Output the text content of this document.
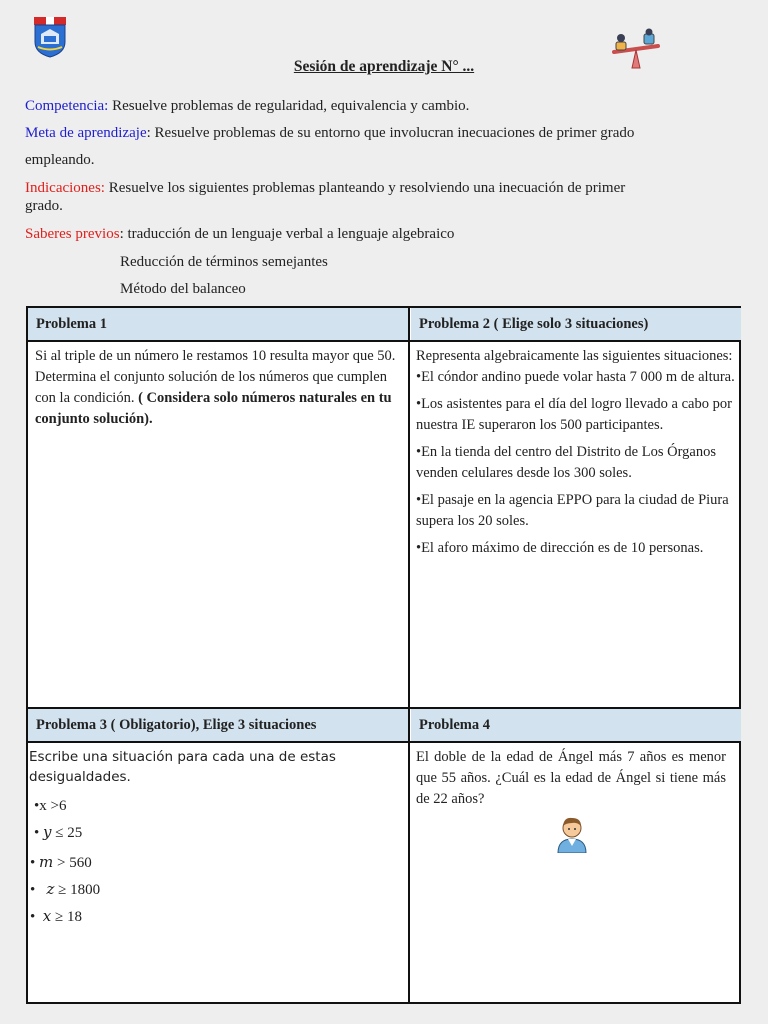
Sesión de aprendizaje N° ...
Competencia: Resuelve problemas de regularidad, equivalencia y cambio.
Meta de aprendizaje: Resuelve problemas de su entorno que involucran inecuaciones de primer grado
empleando.
Indicaciones: Resuelve los siguientes problemas planteando y resolviendo una inecuación de primer
grado.
Saberes previos: traducción de un lenguaje verbal a lenguaje algebraico
Reducción de términos semejantes
Método del balanceo
Problema 1	Problema 2 ( Elige solo 3 situaciones)
Problema 3 ( Obligatorio), Elige 3 situaciones	Problema 4
Si al triple de un número le restamos 10 resulta mayor que 50. Determina el conjunto solución de los números que cumplen con la condición. ( Considera solo números naturales en tu conjunto solución).

Representa algebraicamente las siguientes situaciones:

•El cóndor andino puede volar hasta 7 000 m de altura.

•Los asistentes para el día del logro llevado a cabo por nuestra IE superaron los 500 participantes.

•En la tienda del centro del Distrito de Los Órganos venden celulares desde los 300 soles.

•El pasaje en la agencia EPPO para la ciudad de Piura supera los 20 soles.

•El aforo máximo de dirección es de 10 personas.

Escribe una situación para cada una de estas desigualdades.

•x >6
• y ≤ 25
• m > 560
• z ≥ 1800
• x ≥ 18
El doble de la edad de Ángel más 7 años es menor que 55 años. ¿Cuál es la edad de Ángel si tiene más de 22 años?
